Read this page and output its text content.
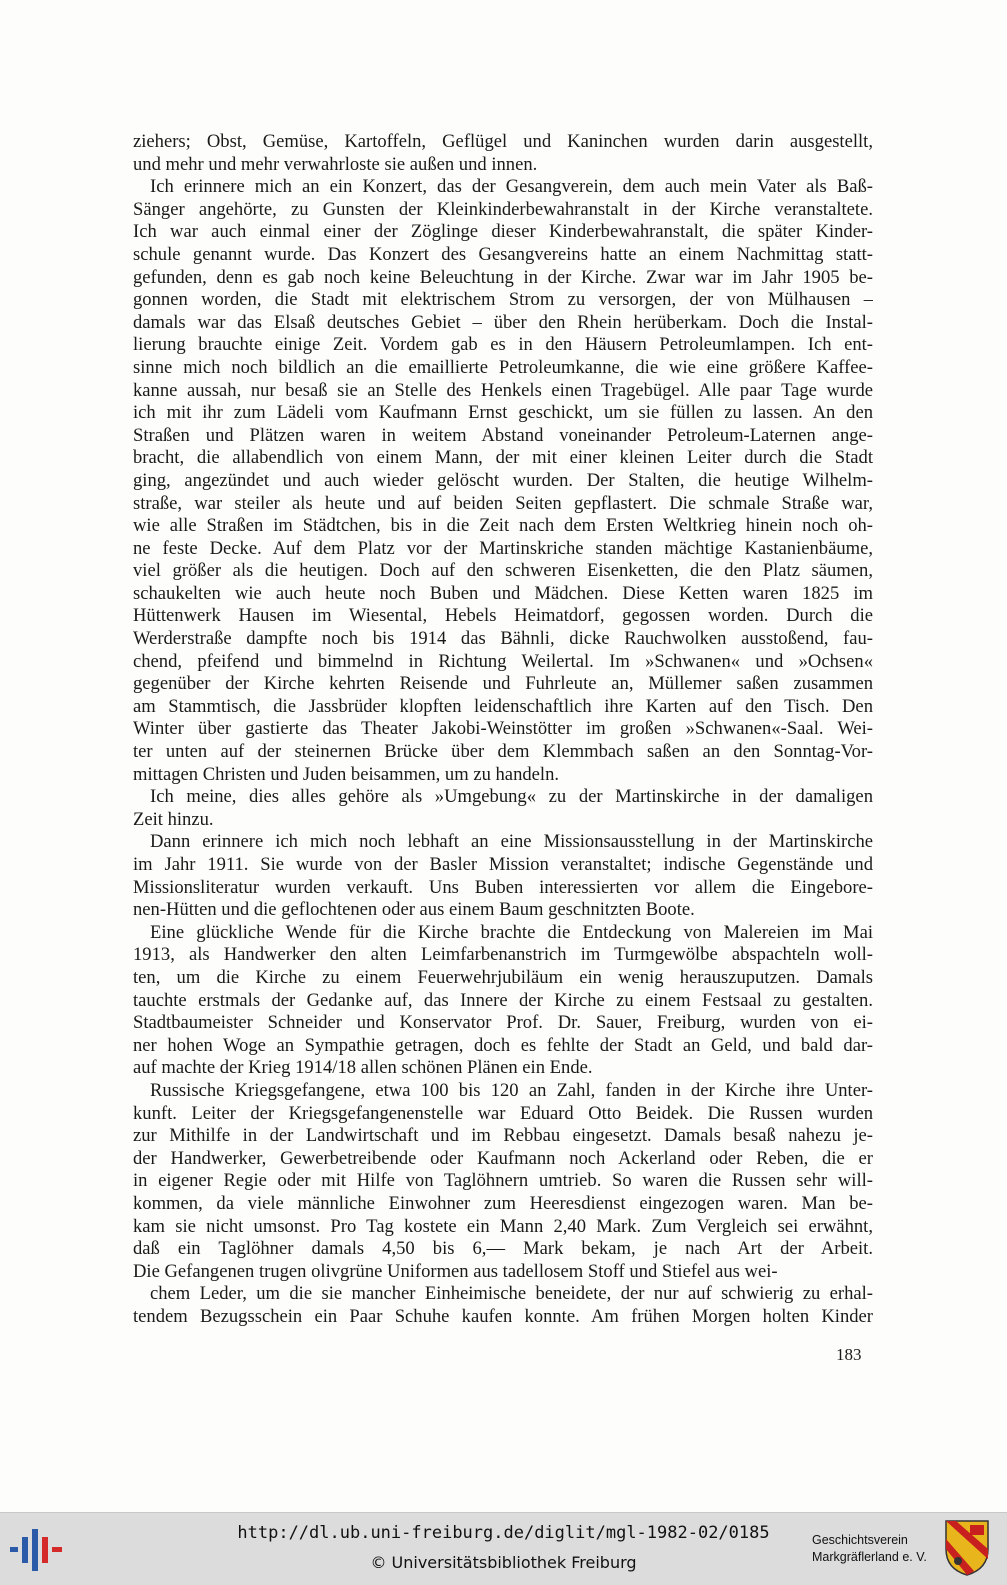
ziehers; Obst, Gemüse, Kartoffeln, Geflügel und Kaninchen wurden darin ausgestellt,
und mehr und mehr verwahrloste sie außen und innen.
Ich erinnere mich an ein Konzert, das der Gesangverein, dem auch mein Vater als Baß-
Sänger angehörte, zu Gunsten der Kleinkinderbewahranstalt in der Kirche veranstaltete.
Ich war auch einmal einer der Zöglinge dieser Kinderbewahranstalt, die später Kinder-
schule genannt wurde. Das Konzert des Gesangvereins hatte an einem Nachmittag statt-
gefunden, denn es gab noch keine Beleuchtung in der Kirche. Zwar war im Jahr 1905 be-
gonnen worden, die Stadt mit elektrischem Strom zu versorgen, der von Mülhausen –
damals war das Elsaß deutsches Gebiet – über den Rhein herüberkam. Doch die Instal-
lierung brauchte einige Zeit. Vordem gab es in den Häusern Petroleumlampen. Ich ent-
sinne mich noch bildlich an die emaillierte Petroleumkanne, die wie eine größere Kaffee-
kanne aussah, nur besaß sie an Stelle des Henkels einen Tragebügel. Alle paar Tage wurde
ich mit ihr zum Lädeli vom Kaufmann Ernst geschickt, um sie füllen zu lassen. An den
Straßen und Plätzen waren in weitem Abstand voneinander Petroleum-Laternen ange-
bracht, die allabendlich von einem Mann, der mit einer kleinen Leiter durch die Stadt
ging, angezündet und auch wieder gelöscht wurden. Der Stalten, die heutige Wilhelm-
straße, war steiler als heute und auf beiden Seiten gepflastert. Die schmale Straße war,
wie alle Straßen im Städtchen, bis in die Zeit nach dem Ersten Weltkrieg hinein noch oh-
ne feste Decke. Auf dem Platz vor der Martinskriche standen mächtige Kastanienbäume,
viel größer als die heutigen. Doch auf den schweren Eisenketten, die den Platz säumen,
schaukelten wie auch heute noch Buben und Mädchen. Diese Ketten waren 1825 im
Hüttenwerk Hausen im Wiesental, Hebels Heimatdorf, gegossen worden. Durch die
Werderstraße dampfte noch bis 1914 das Bähnli, dicke Rauchwolken ausstoßend, fau-
chend, pfeifend und bimmelnd in Richtung Weilertal. Im »Schwanen« und »Ochsen«
gegenüber der Kirche kehrten Reisende und Fuhrleute an, Müllemer saßen zusammen
am Stammtisch, die Jassbrüder klopften leidenschaftlich ihre Karten auf den Tisch. Den
Winter über gastierte das Theater Jakobi-Weinstötter im großen »Schwanen«-Saal. Wei-
ter unten auf der steinernen Brücke über dem Klemmbach saßen an den Sonntag-Vor-
mittagen Christen und Juden beisammen, um zu handeln.
Ich meine, dies alles gehöre als »Umgebung« zu der Martinskirche in der damaligen
Zeit hinzu.
Dann erinnere ich mich noch lebhaft an eine Missionsausstellung in der Martinskirche
im Jahr 1911. Sie wurde von der Basler Mission veranstaltet; indische Gegenstände und
Missionsliteratur wurden verkauft. Uns Buben interessierten vor allem die Eingebore-
nen-Hütten und die geflochtenen oder aus einem Baum geschnitzten Boote.
Eine glückliche Wende für die Kirche brachte die Entdeckung von Malereien im Mai
1913, als Handwerker den alten Leimfarbenanstrich im Turmgewölbe abspachteln woll-
ten, um die Kirche zu einem Feuerwehrjubiläum ein wenig herauszuputzen. Damals
tauchte erstmals der Gedanke auf, das Innere der Kirche zu einem Festsaal zu gestalten.
Stadtbaumeister Schneider und Konservator Prof. Dr. Sauer, Freiburg, wurden von ei-
ner hohen Woge an Sympathie getragen, doch es fehlte der Stadt an Geld, und bald dar-
auf machte der Krieg 1914/18 allen schönen Plänen ein Ende.
Russische Kriegsgefangene, etwa 100 bis 120 an Zahl, fanden in der Kirche ihre Unter-
kunft. Leiter der Kriegsgefangenenstelle war Eduard Otto Beidek. Die Russen wurden
zur Mithilfe in der Landwirtschaft und im Rebbau eingesetzt. Damals besaß nahezu je-
der Handwerker, Gewerbetreibende oder Kaufmann noch Ackerland oder Reben, die er
in eigener Regie oder mit Hilfe von Taglöhnern umtrieb. So waren die Russen sehr will-
kommen, da viele männliche Einwohner zum Heeresdienst eingezogen waren. Man be-
kam sie nicht umsonst. Pro Tag kostete ein Mann 2,40 Mark. Zum Vergleich sei erwähnt,
daß ein Taglöhner damals 4,50 bis 6,— Mark bekam, je nach Art der Arbeit.
Die Gefangenen trugen olivgrüne Uniformen aus tadellosem Stoff und Stiefel aus wei-
chem Leder, um die sie mancher Einheimische beneidete, der nur auf schwierig zu erhal-
tendem Bezugsschein ein Paar Schuhe kaufen konnte. Am frühen Morgen holten Kinder
183
http://dl.ub.uni-freiburg.de/diglit/mgl-1982-02/0185
© Universitätsbibliothek Freiburg
Geschichtsverein
Markgräflerland e. V.
